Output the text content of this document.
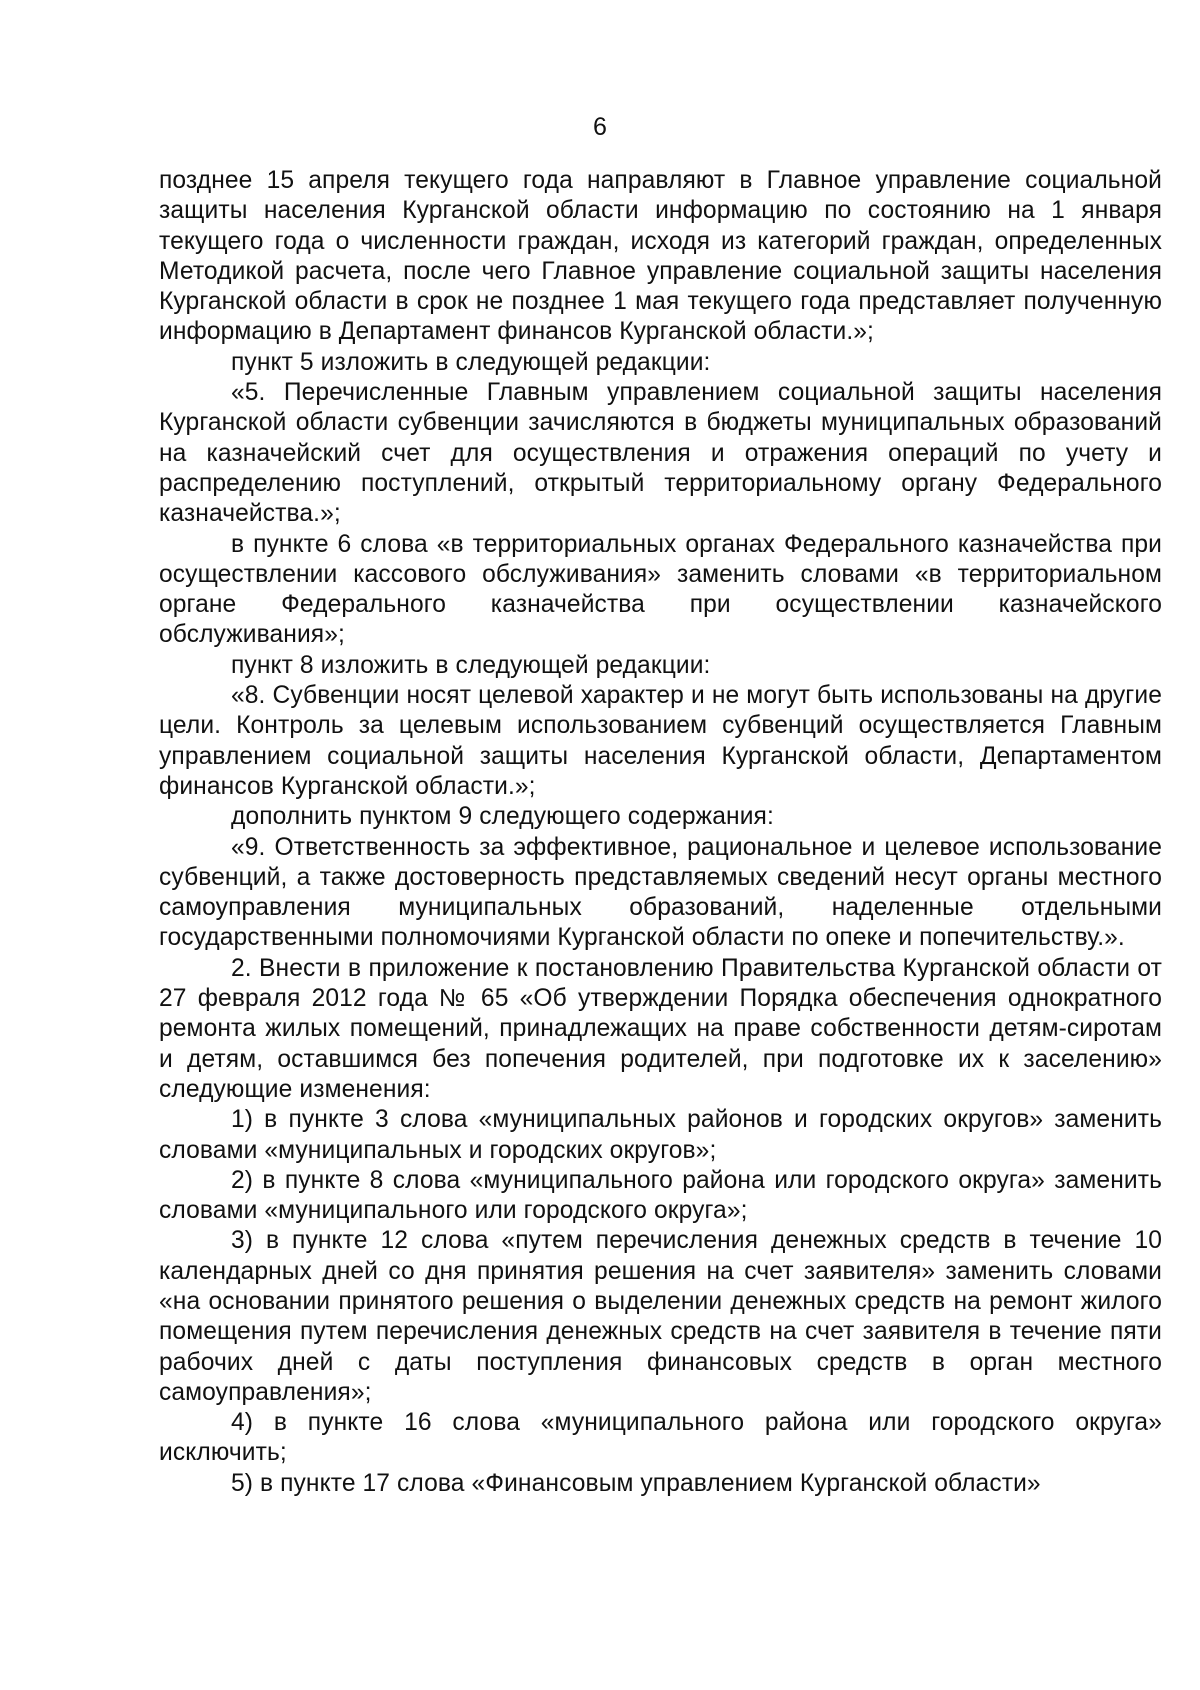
6

позднее 15 апреля текущего года направляют в Главное управление социальной защиты населения Курганской области информацию по состоянию на 1 января текущего года о численности граждан, исходя из категорий граждан, определенных Методикой расчета, после чего Главное управление социальной защиты населения Курганской области в срок не позднее 1 мая текущего года представляет полученную информацию в Департамент финансов Курганской области.»;

пункт 5 изложить в следующей редакции:

«5. Перечисленные Главным управлением социальной защиты населения Курганской области субвенции зачисляются в бюджеты муниципальных образований на казначейский счет для осуществления и отражения операций по учету и распределению поступлений, открытый территориальному органу Федерального казначейства.»;

в пункте 6 слова «в территориальных органах Федерального казначейства при осуществлении кассового обслуживания» заменить словами «в территориальном органе Федерального казначейства при осуществлении казначейского обслуживания»;

пункт 8 изложить в следующей редакции:

«8. Субвенции носят целевой характер и не могут быть использованы на другие цели. Контроль за целевым использованием субвенций осуществляется Главным управлением социальной защиты населения Курганской области, Департаментом финансов Курганской области.»;

дополнить пунктом 9 следующего содержания:

«9. Ответственность за эффективное, рациональное и целевое использование субвенций, а также достоверность представляемых сведений несут органы местного самоуправления муниципальных образований, наделенные отдельными государственными полномочиями Курганской области по опеке и попечительству.».

2. Внести в приложение к постановлению Правительства Курганской области от 27 февраля 2012 года № 65 «Об утверждении Порядка обеспечения однократного ремонта жилых помещений, принадлежащих на праве собственности детям-сиротам и детям, оставшимся без попечения родителей, при подготовке их к заселению» следующие изменения:

1) в пункте 3 слова «муниципальных районов и городских округов» заменить словами «муниципальных и городских округов»;

2) в пункте 8 слова «муниципального района или городского округа» заменить словами «муниципального или городского округа»;

3) в пункте 12 слова «путем перечисления денежных средств в течение 10 календарных дней со дня принятия решения на счет заявителя» заменить словами «на основании принятого решения о выделении денежных средств на ремонт жилого помещения путем перечисления денежных средств на счет заявителя в течение пяти рабочих дней с даты поступления финансовых средств в орган местного самоуправления»;

4) в пункте 16 слова «муниципального района или городского округа» исключить;

5) в пункте 17 слова «Финансовым управлением Курганской области»
